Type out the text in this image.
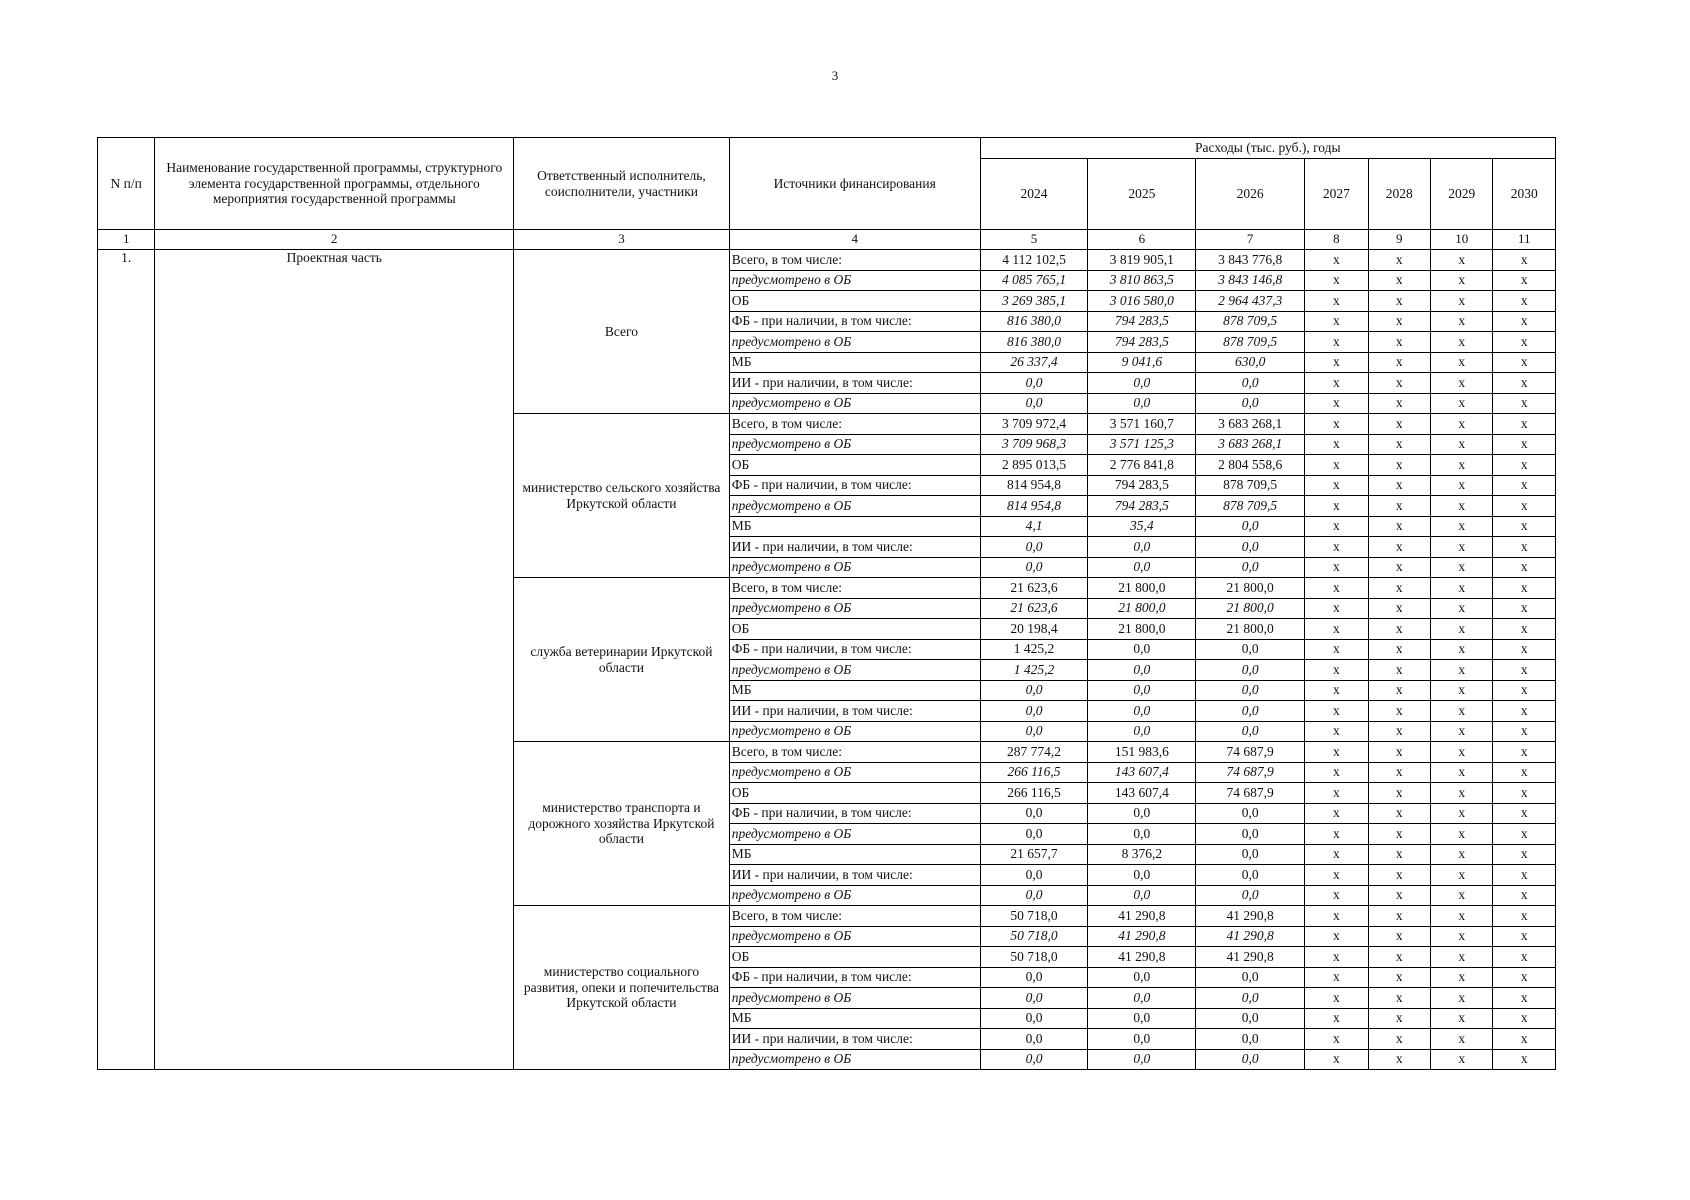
3
N п/п	Наименование государственной программы, структурного элемента государственной программы, отдельного мероприятия государственной программы	Ответственный исполнитель, соисполнители, участники	Источники финансирования	Расходы (тыс. руб.), годы						
				2024	2025	2026	2027	2028	2029	2030
1	2	3	4	5	6	7	8	9	10	11
1.	Проектная часть	Всего	Всего, в том числе:	4 112 102,5	3 819 905,1	3 843 776,8	x	x	x	x
			предусмотрено в ОБ	4 085 765,1	3 810 863,5	3 843 146,8	x	x	x	x
			ОБ	3 269 385,1	3 016 580,0	2 964 437,3	x	x	x	x
			ФБ - при наличии, в том числе:	816 380,0	794 283,5	878 709,5	x	x	x	x
			предусмотрено в ОБ	816 380,0	794 283,5	878 709,5	x	x	x	x
			МБ	26 337,4	9 041,6	630,0	x	x	x	x
			ИИ - при наличии, в том числе:	0,0	0,0	0,0	x	x	x	x
			предусмотрено в ОБ	0,0	0,0	0,0	x	x	x	x
		министерство сельского хозяйства Иркутской области	Всего, в том числе:	3 709 972,4	3 571 160,7	3 683 268,1	x	x	x	x
			предусмотрено в ОБ	3 709 968,3	3 571 125,3	3 683 268,1	x	x	x	x
			ОБ	2 895 013,5	2 776 841,8	2 804 558,6	x	x	x	x
			ФБ - при наличии, в том числе:	814 954,8	794 283,5	878 709,5	x	x	x	x
			предусмотрено в ОБ	814 954,8	794 283,5	878 709,5	x	x	x	x
			МБ	4,1	35,4	0,0	x	x	x	x
			ИИ - при наличии, в том числе:	0,0	0,0	0,0	x	x	x	x
			предусмотрено в ОБ	0,0	0,0	0,0	x	x	x	x
		служба ветеринарии Иркутской области	Всего, в том числе:	21 623,6	21 800,0	21 800,0	x	x	x	x
			предусмотрено в ОБ	21 623,6	21 800,0	21 800,0	x	x	x	x
			ОБ	20 198,4	21 800,0	21 800,0	x	x	x	x
			ФБ - при наличии, в том числе:	1 425,2	0,0	0,0	x	x	x	x
			предусмотрено в ОБ	1 425,2	0,0	0,0	x	x	x	x
			МБ	0,0	0,0	0,0	x	x	x	x
			ИИ - при наличии, в том числе:	0,0	0,0	0,0	x	x	x	x
			предусмотрено в ОБ	0,0	0,0	0,0	x	x	x	x
		министерство транспорта и дорожного хозяйства Иркутской области	Всего, в том числе:	287 774,2	151 983,6	74 687,9	x	x	x	x
			предусмотрено в ОБ	266 116,5	143 607,4	74 687,9	x	x	x	x
			ОБ	266 116,5	143 607,4	74 687,9	x	x	x	x
			ФБ - при наличии, в том числе:	0,0	0,0	0,0	x	x	x	x
			предусмотрено в ОБ	0,0	0,0	0,0	x	x	x	x
			МБ	21 657,7	8 376,2	0,0	x	x	x	x
			ИИ - при наличии, в том числе:	0,0	0,0	0,0	x	x	x	x
			предусмотрено в ОБ	0,0	0,0	0,0	x	x	x	x
		министерство социального развития, опеки и попечительства Иркутской области	Всего, в том числе:	50 718,0	41 290,8	41 290,8	x	x	x	x
			предусмотрено в ОБ	50 718,0	41 290,8	41 290,8	x	x	x	x
			ОБ	50 718,0	41 290,8	41 290,8	x	x	x	x
			ФБ - при наличии, в том числе:	0,0	0,0	0,0	x	x	x	x
			предусмотрено в ОБ	0,0	0,0	0,0	x	x	x	x
			МБ	0,0	0,0	0,0	x	x	x	x
			ИИ - при наличии, в том числе:	0,0	0,0	0,0	x	x	x	x
			предусмотрено в ОБ	0,0	0,0	0,0	x	x	x	x
